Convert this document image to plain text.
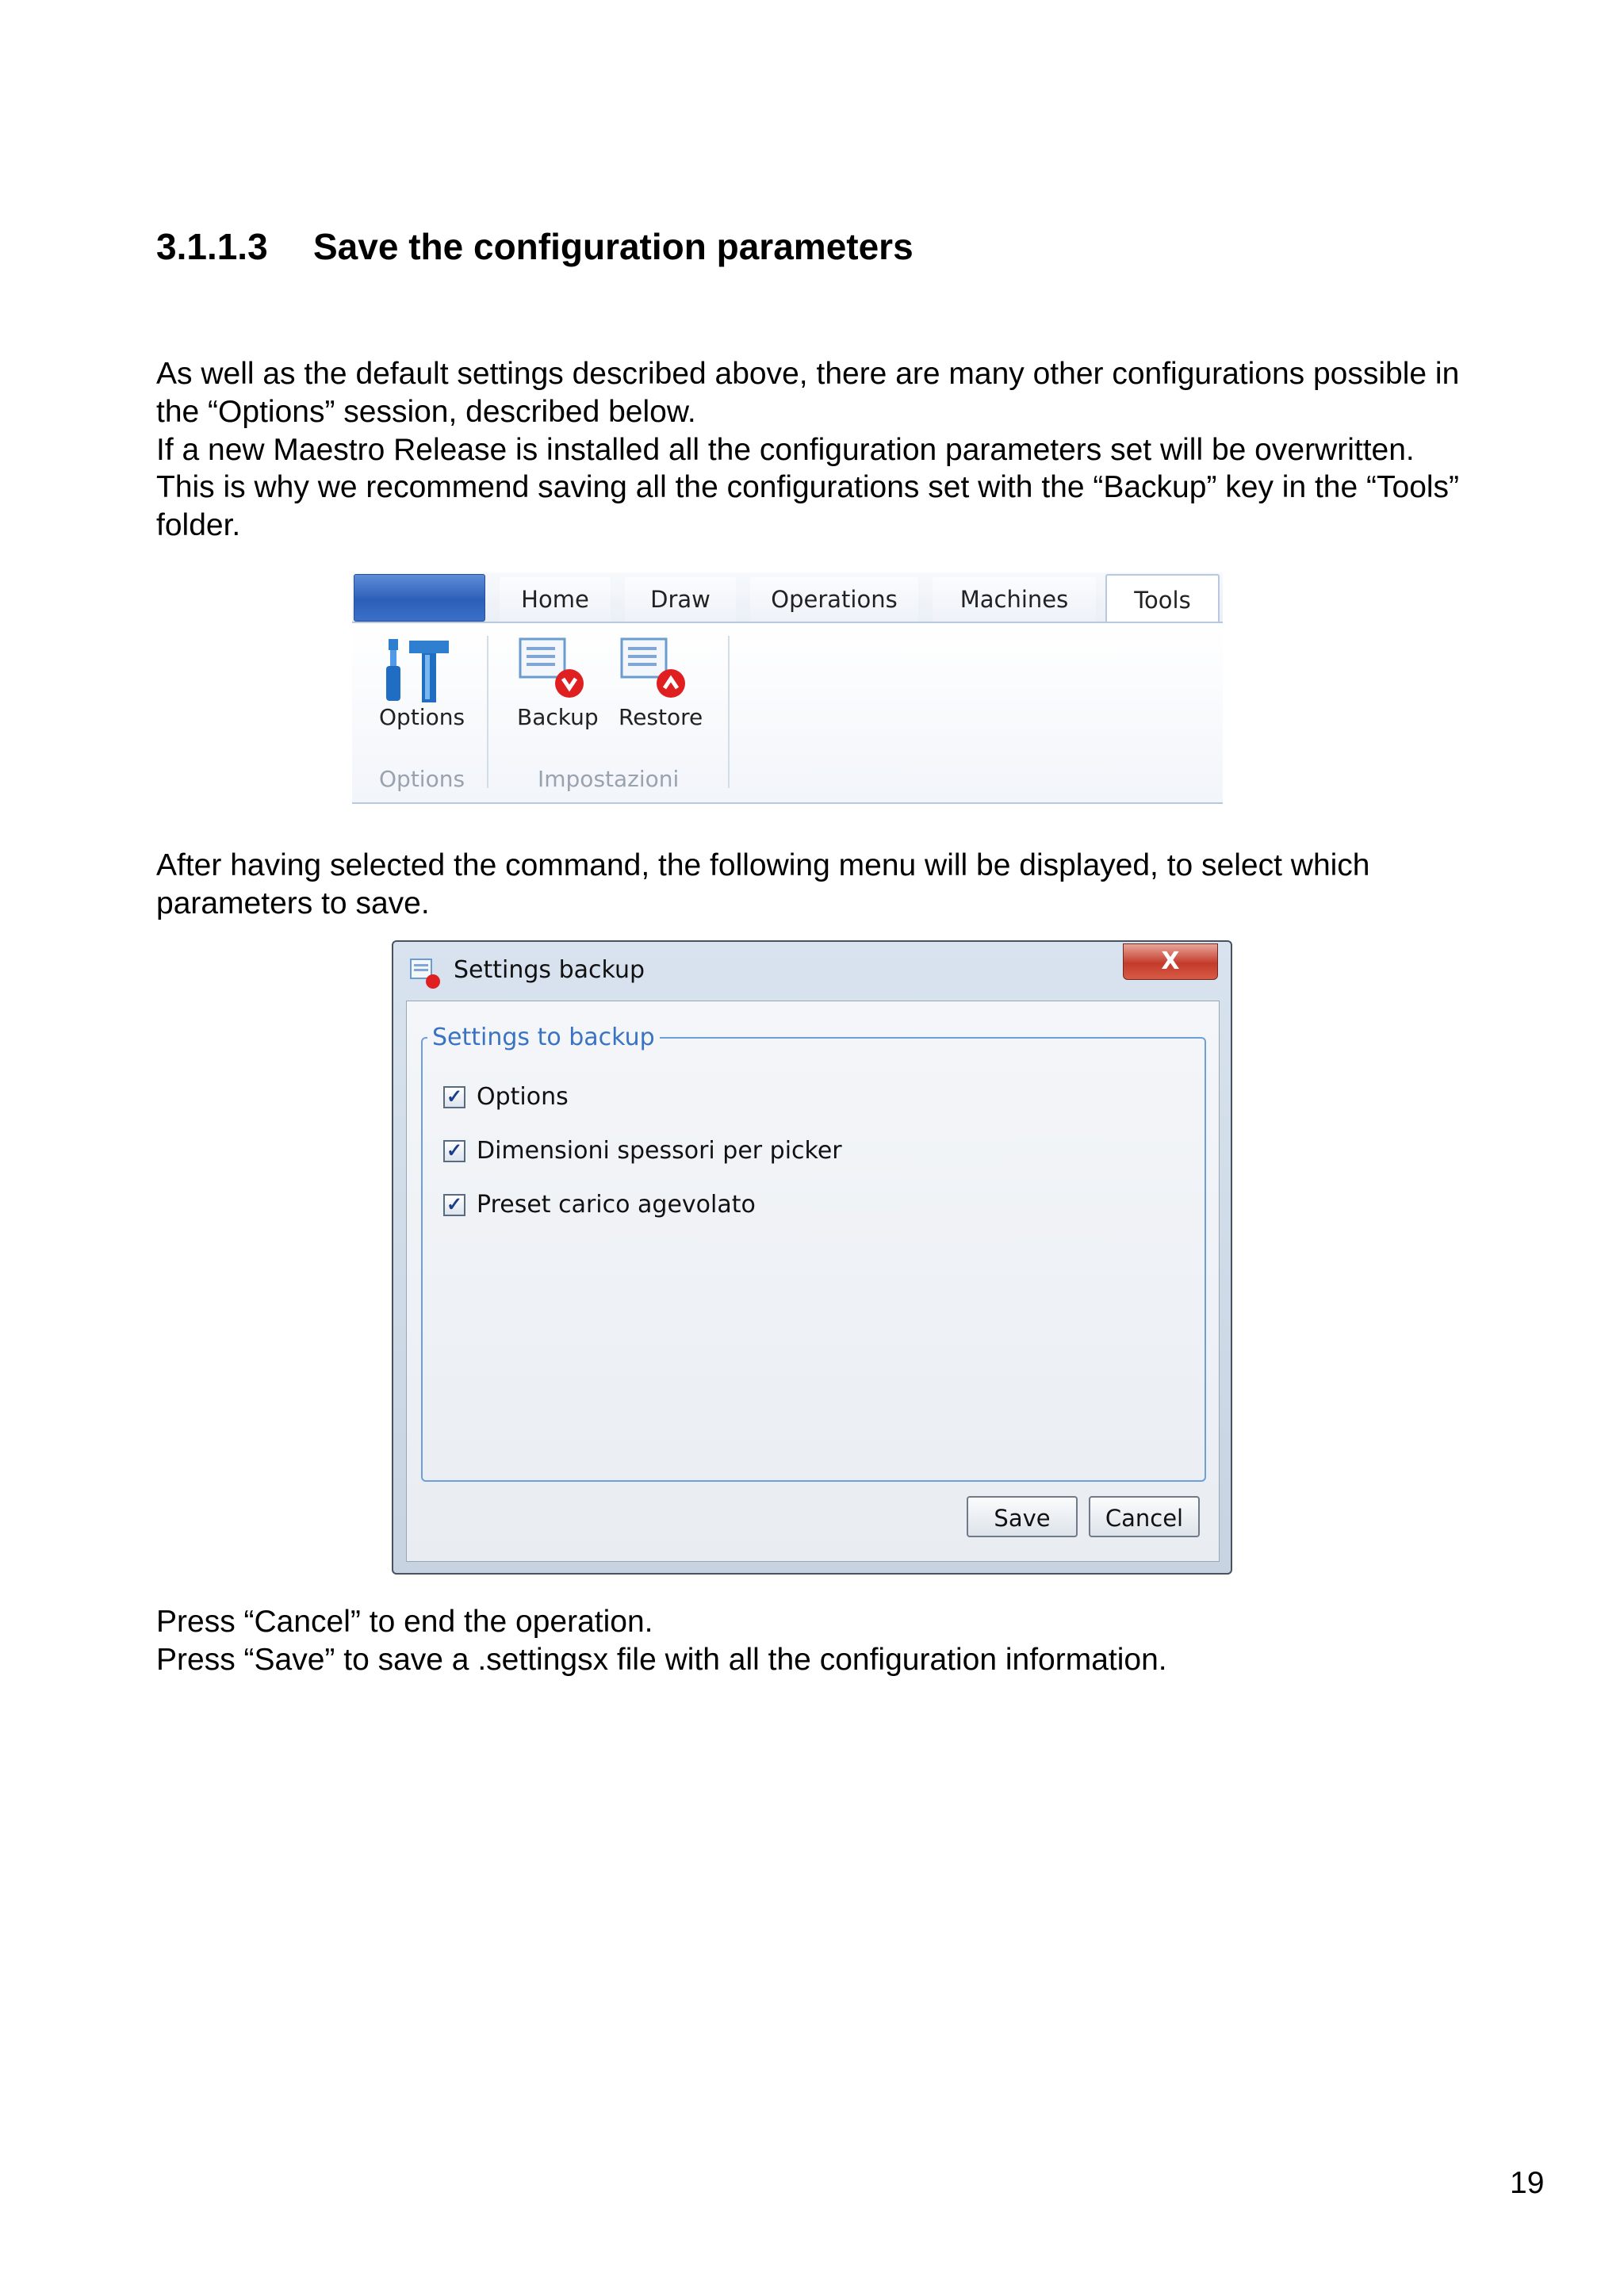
3.1.1.3 Save the configuration parameters
As well as the default settings described above, there are many other configurations possible in
the “Options” session, described below.
If a new Maestro Release is installed all the configuration parameters set will be overwritten.
This is why we recommend saving all the configurations set with the “Backup” key in the “Tools”
folder.
Home	Draw	Operations	Machines	Tools
Options
Options
Backup Restore
Impostazioni
After having selected the command, the following menu will be displayed, to select which
parameters to save.
Settings backup	X
Settings to backup
✓ Options
✓ Dimensioni spessori per picker
✓ Preset carico agevolato
Save	Cancel
Press “Cancel” to end the operation.
Press “Save” to save a .settingsx file with all the configuration information.
19
